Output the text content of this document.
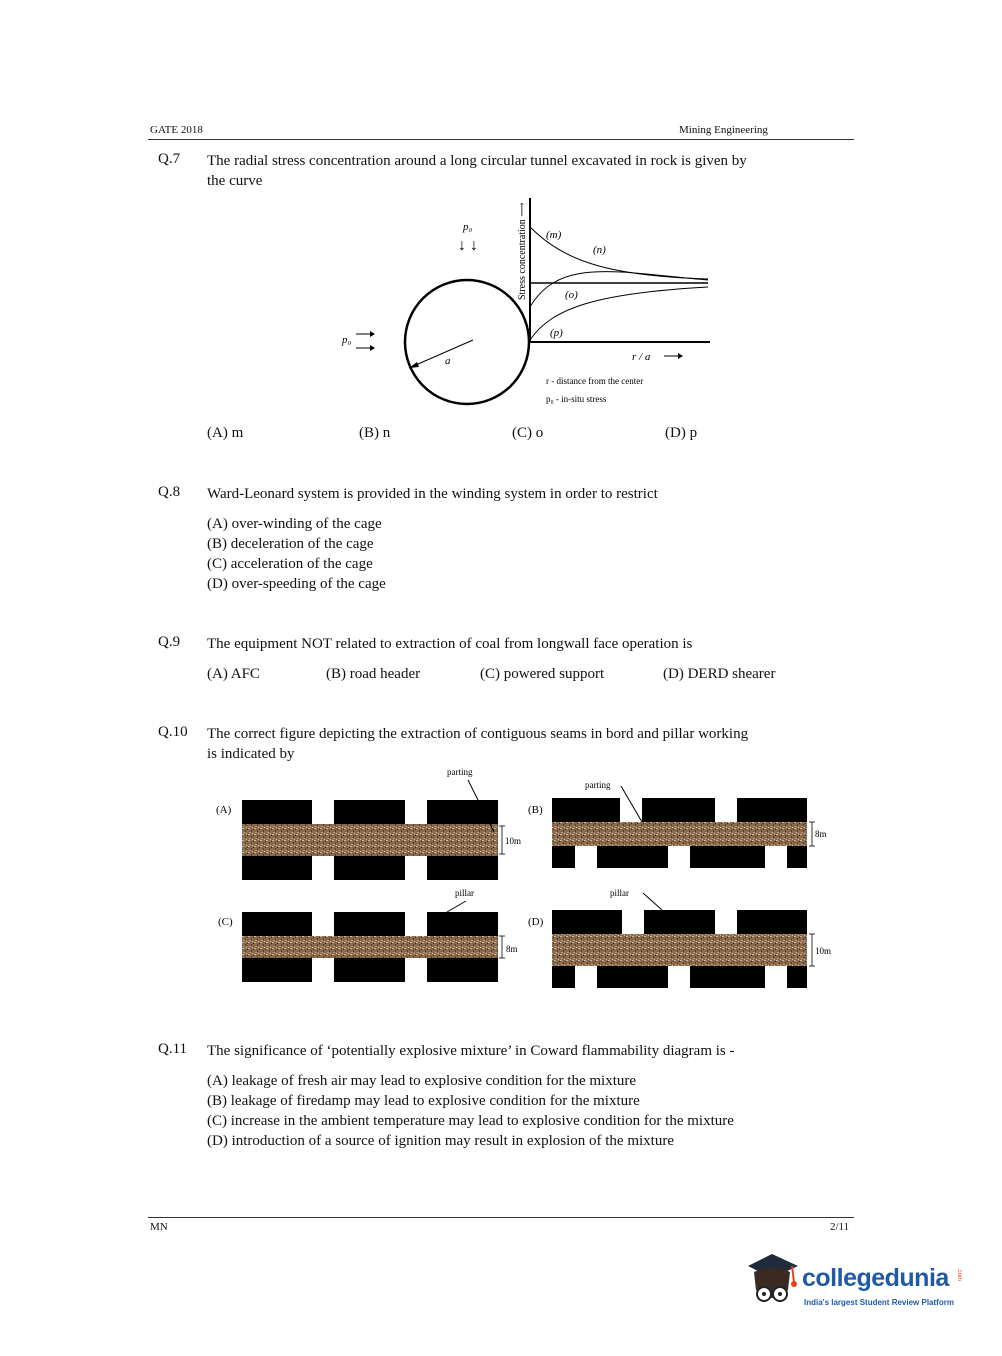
GATE 2018	Mining Engineering
Q.7 The radial stress concentration around a long circular tunnel excavated in rock is given by
the curve
a
p₀
↓ ↓
p₀
Stress concentration ⟶ (m)
(n)
(o)
(p)
r / a
r - distance from the center
p₀ - in-situ stress
(A) m	(B) n	(C) o	(D) p
Q.8 Ward-Leonard system is provided in the winding system in order to restrict
(A) over-winding of the cage
(B) deceleration of the cage
(C) acceleration of the cage
(D) over-speeding of the cage
Q.9 The equipment NOT related to extraction of coal from longwall face operation is
(A) AFC	(B) road header	(C) powered support	(D) DERD shearer
Q.10 The correct figure depicting the extraction of contiguous seams in bord and pillar working
is indicated by
(A)
parting
10m
(B)
parting
8m
(C)
pillar
8m
(D)
pillar
10m
Q.11 The significance of ‘potentially explosive mixture’ in Coward flammability diagram is -
(A) leakage of fresh air may lead to explosive condition for the mixture
(B) leakage of firedamp may lead to explosive condition for the mixture
(C) increase in the ambient temperature may lead to explosive condition for the mixture
(D) introduction of a source of ignition may result in explosion of the mixture
MN	2/11
collegedunia .com
India's largest Student Review Platform
